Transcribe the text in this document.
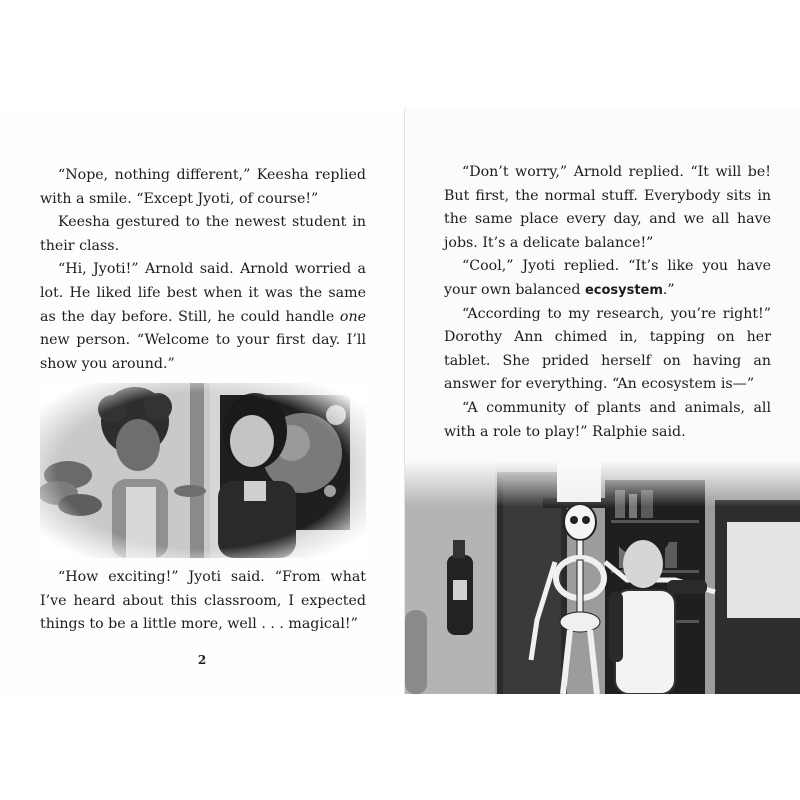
“Nope, nothing different,” Keesha replied with a smile. “Except Jyoti, of course!”

Keesha gestured to the newest student in their class.

“Hi, Jyoti!” Arnold said. Arnold worried a lot. He liked life best when it was the same as the day before. Still, he could handle one new person. “Welcome to your first day. I’ll show you around.”

“How exciting!” Jyoti said. “From what I’ve heard about this classroom, I expected things to be a little more, well . . . magical!”

2

“Don’t worry,” Arnold replied. “It will be! But first, the normal stuff. Everybody sits in the same place every day, and we all have jobs. It’s a delicate balance!”

“Cool,” Jyoti replied. “It’s like you have your own balanced ecosystem.”

“According to my research, you’re right!” Dorothy Ann chimed in, tapping on her tablet. She prided herself on having an answer for everything. “An ecosystem is—”

“A community of plants and animals, all with a role to play!” Ralphie said.
